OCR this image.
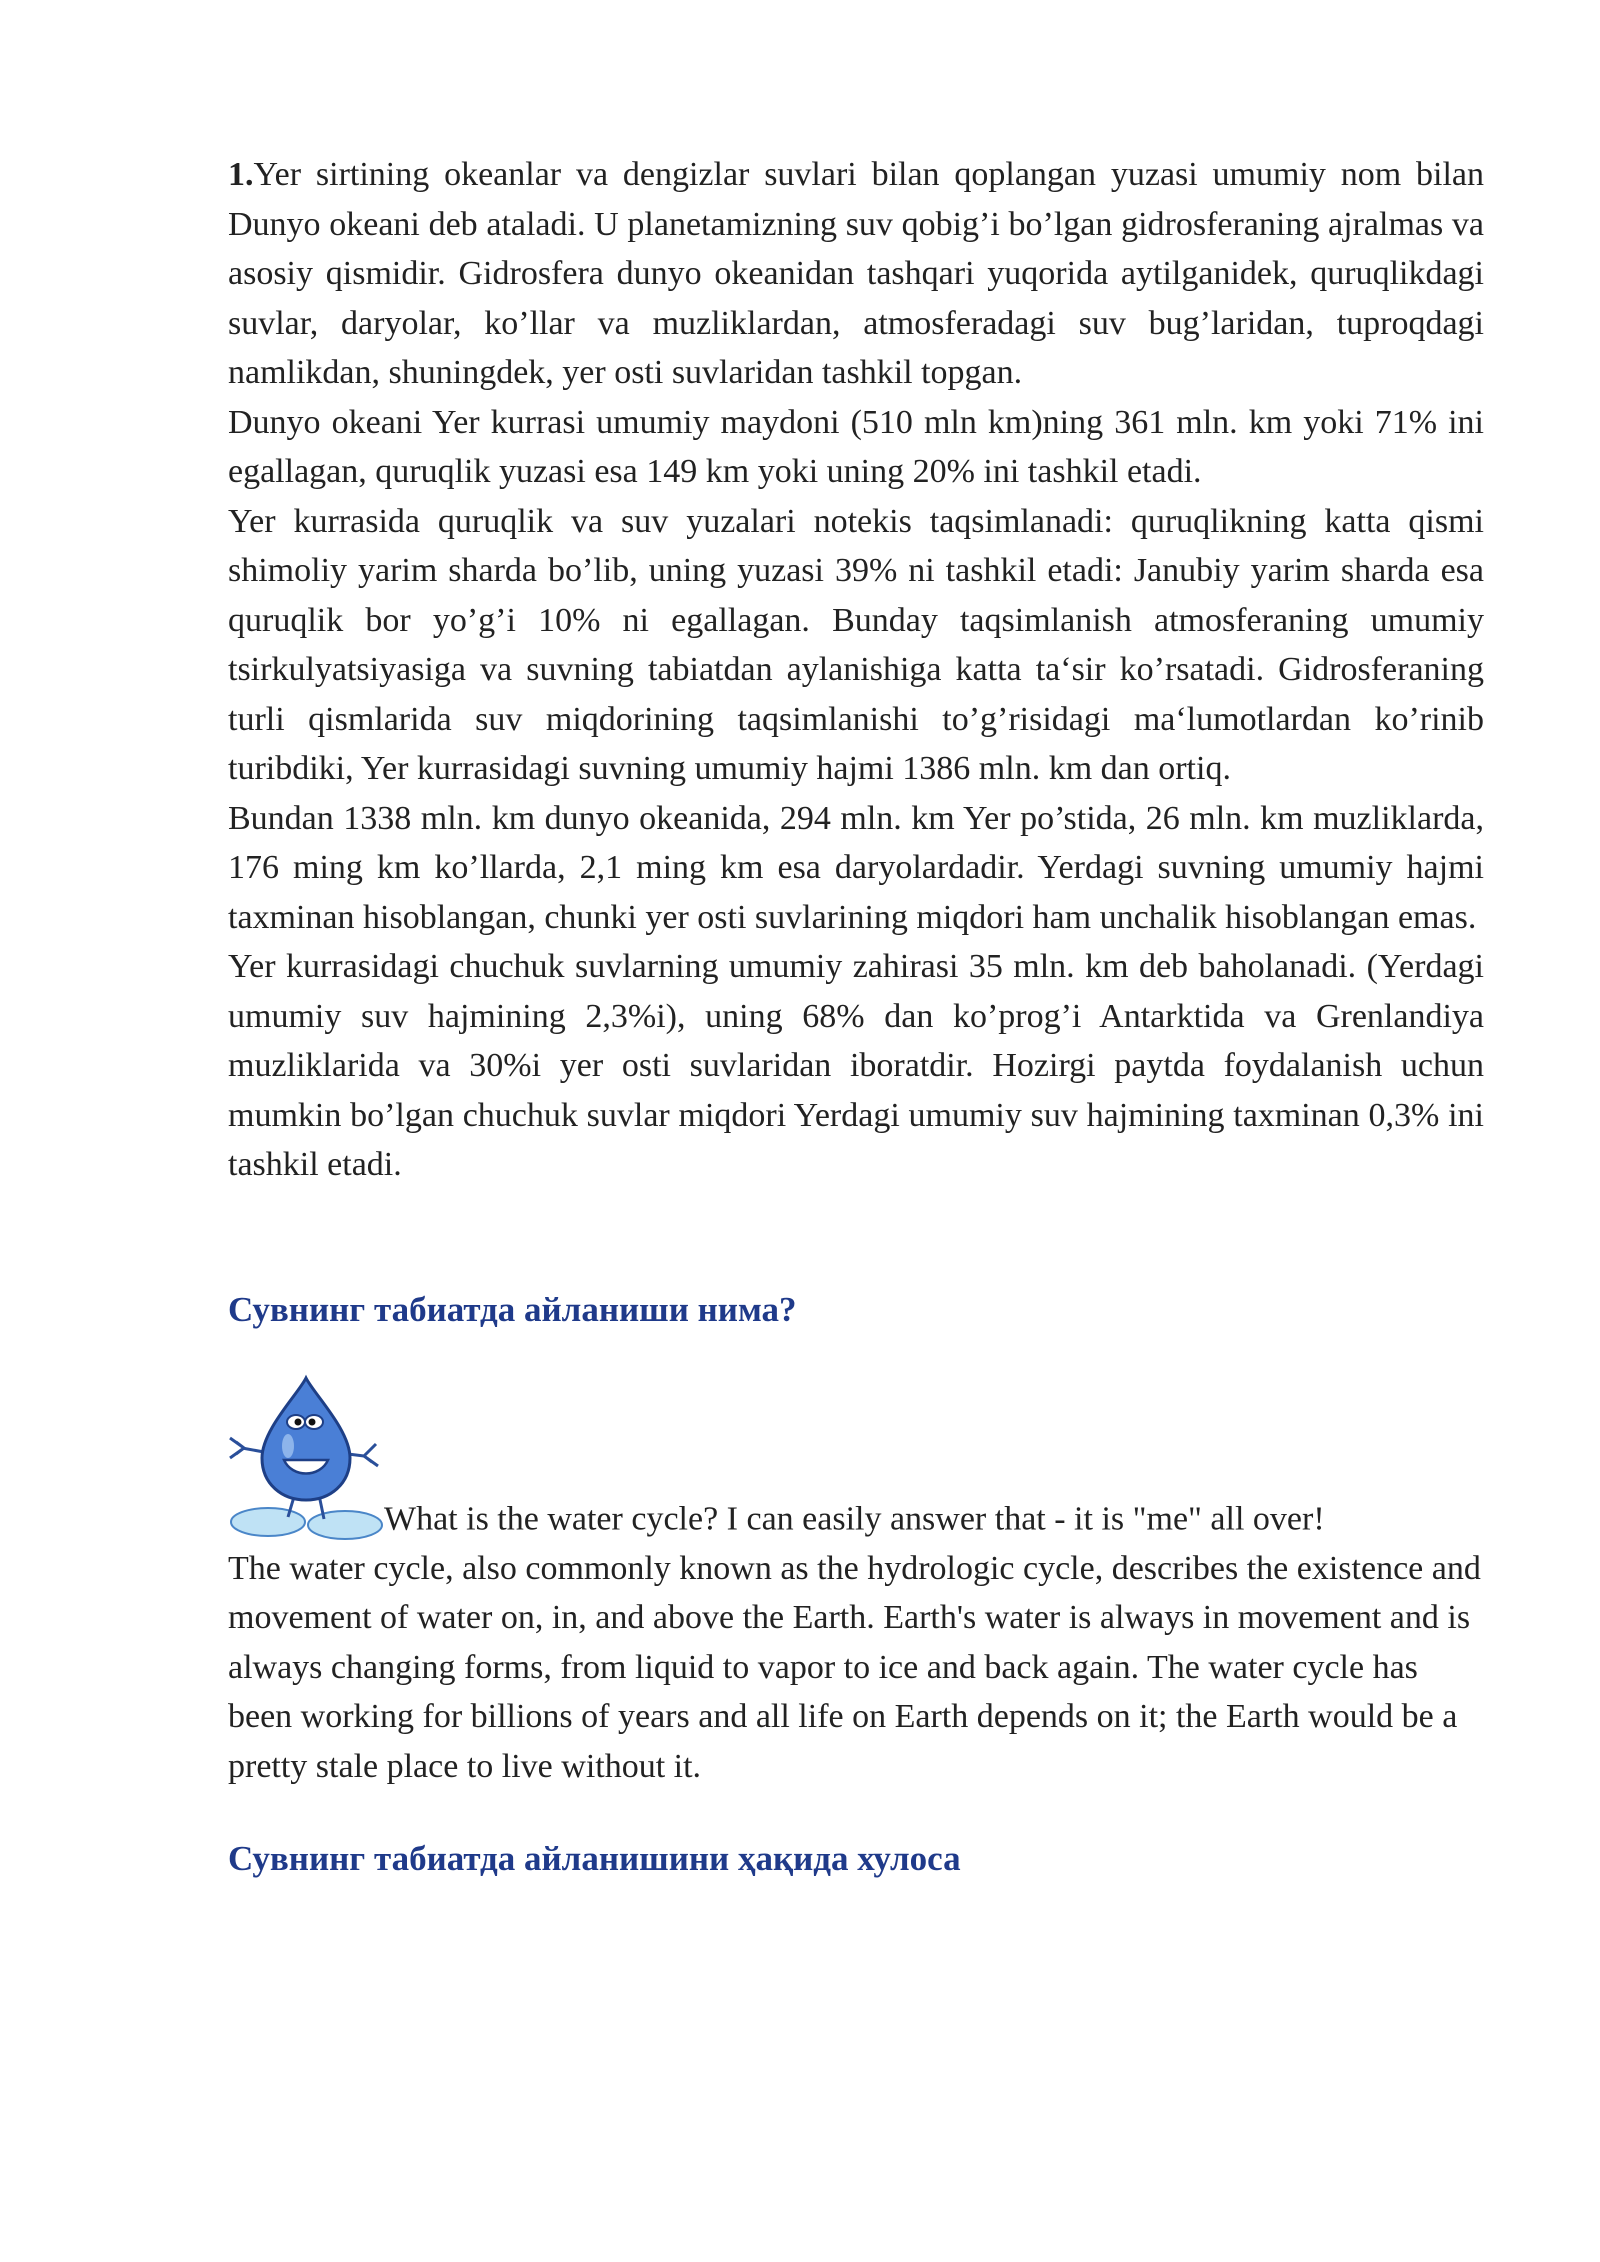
1.Yer sirtining okeanlar va dengizlar suvlari bilan qoplangan yuzasi umumiy nom bilan Dunyo okeani deb ataladi. U planetamizning suv qobig’i bo’lgan gidrosferaning ajralmas va asosiy qismidir. Gidrosfera dunyo okeanidan tashqari yuqorida aytilganidek, quruqlikdagi suvlar, daryolar, ko’llar va muzliklardan, atmosferadagi suv bug’laridan, tuproqdagi namlikdan, shuningdek, yer osti suvlaridan tashkil topgan.

Dunyo okeani Yer kurrasi umumiy maydoni (510 mln km)ning 361 mln. km yoki 71% ini egallagan, quruqlik yuzasi esa 149 km yoki uning 20% ini tashkil etadi.

Yer kurrasida quruqlik va suv yuzalari notekis taqsimlanadi: quruqlikning katta qismi shimoliy yarim sharda bo’lib, uning yuzasi 39% ni tashkil etadi: Janubiy yarim sharda esa quruqlik bor yo’g’i 10% ni egallagan. Bunday taqsimlanish atmosferaning umumiy tsirkulyatsiyasiga va suvning tabiatdan aylanishiga katta ta‘sir ko’rsatadi. Gidrosferaning turli qismlarida suv miqdorining taqsimlanishi to’g’risidagi ma‘lumotlardan ko’rinib turibdiki, Yer kurrasidagi suvning umumiy hajmi 1386 mln. km dan ortiq.

Bundan 1338 mln. km dunyo okeanida, 294 mln. km Yer po’stida, 26 mln. km muzliklarda, 176 ming km ko’llarda, 2,1 ming km esa daryolardadir. Yerdagi suvning umumiy hajmi taxminan hisoblangan, chunki yer osti suvlarining miqdori ham unchalik hisoblangan emas.

Yer kurrasidagi chuchuk suvlarning umumiy zahirasi 35 mln. km deb baholanadi. (Yerdagi umumiy suv hajmining 2,3%i), uning 68% dan ko’prog’i Antarktida va Grenlandiya muzliklarida va 30%i yer osti suvlaridan iboratdir. Hozirgi paytda foydalanish uchun mumkin bo’lgan chuchuk suvlar miqdori Yerdagi umumiy suv hajmining taxminan 0,3% ini tashkil etadi.

Сувнинг табиатда айланиши нима?

What is the water cycle? I can easily answer that - it is "me" all over!
The water cycle, also commonly known as the hydrologic cycle, describes the existence and movement of water on, in, and above the Earth. Earth's water is always in movement and is always changing forms, from liquid to vapor to ice and back again. The water cycle has been working for billions of years and all life on Earth depends on it; the Earth would be a pretty stale place to live without it.

Сувнинг табиатда айланишини ҳақида хулоса
